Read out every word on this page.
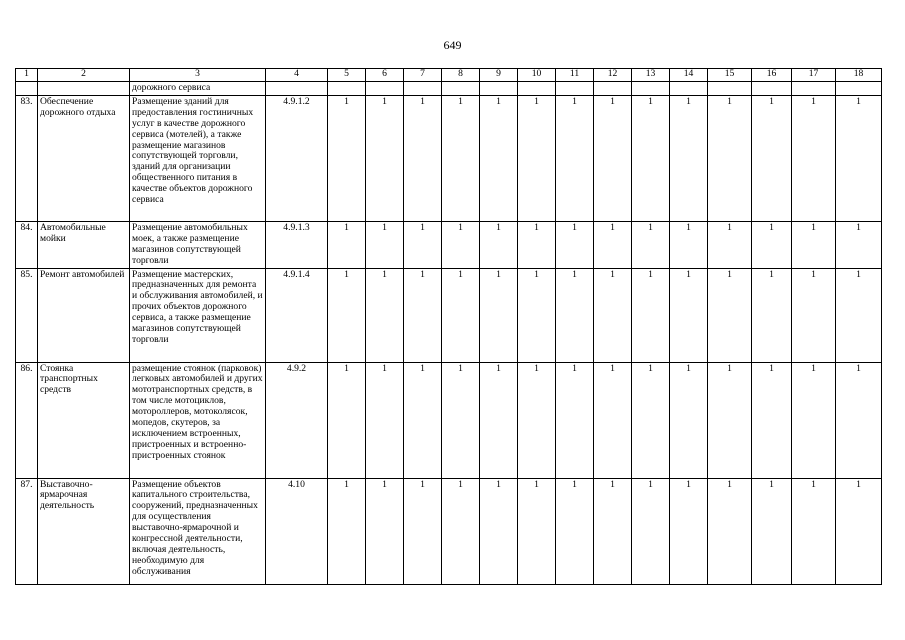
649
1	2	3	4	5	6	7	8	9	10	11	12	13	14	15	16	17	18
		дорожного сервиса															
83.	Обеспечение дорожного отдыха	Размещение зданий для предоставления гостиничных услуг в качестве дорожного сервиса (мотелей), а также размещение магазинов сопутствующей торговли, зданий для организации общественного питания в качестве объектов дорожного сервиса	4.9.1.2	1	1	1	1	1	1	1	1	1	1	1	1	1	1
84.	Автомобильные мойки	Размещение автомобильных моек, а также размещение магазинов сопутствующей торговли	4.9.1.3	1	1	1	1	1	1	1	1	1	1	1	1	1	1
85.	Ремонт автомобилей	Размещение мастерских, предназначенных для ремонта и обслуживания автомобилей, и прочих объектов дорожного сервиса, а также размещение магазинов сопутствующей торговли	4.9.1.4	1	1	1	1	1	1	1	1	1	1	1	1	1	1
86.	Стоянка транспортных средств	размещение стоянок (парковок) легковых автомобилей и других мототранспортных средств, в том числе мотоциклов, мотороллеров, мотоколясок, мопедов, скутеров, за исключением встроенных, пристроенных и встроенно-пристроенных стоянок	4.9.2	1	1	1	1	1	1	1	1	1	1	1	1	1	1
87.	Выставочно-ярмарочная деятельность	Размещение объектов капитального строительства, сооружений, предназначенных для осуществления выставочно-ярмарочной и конгрессной деятельности, включая деятельность, необходимую для обслуживания	4.10	1	1	1	1	1	1	1	1	1	1	1	1	1	1
